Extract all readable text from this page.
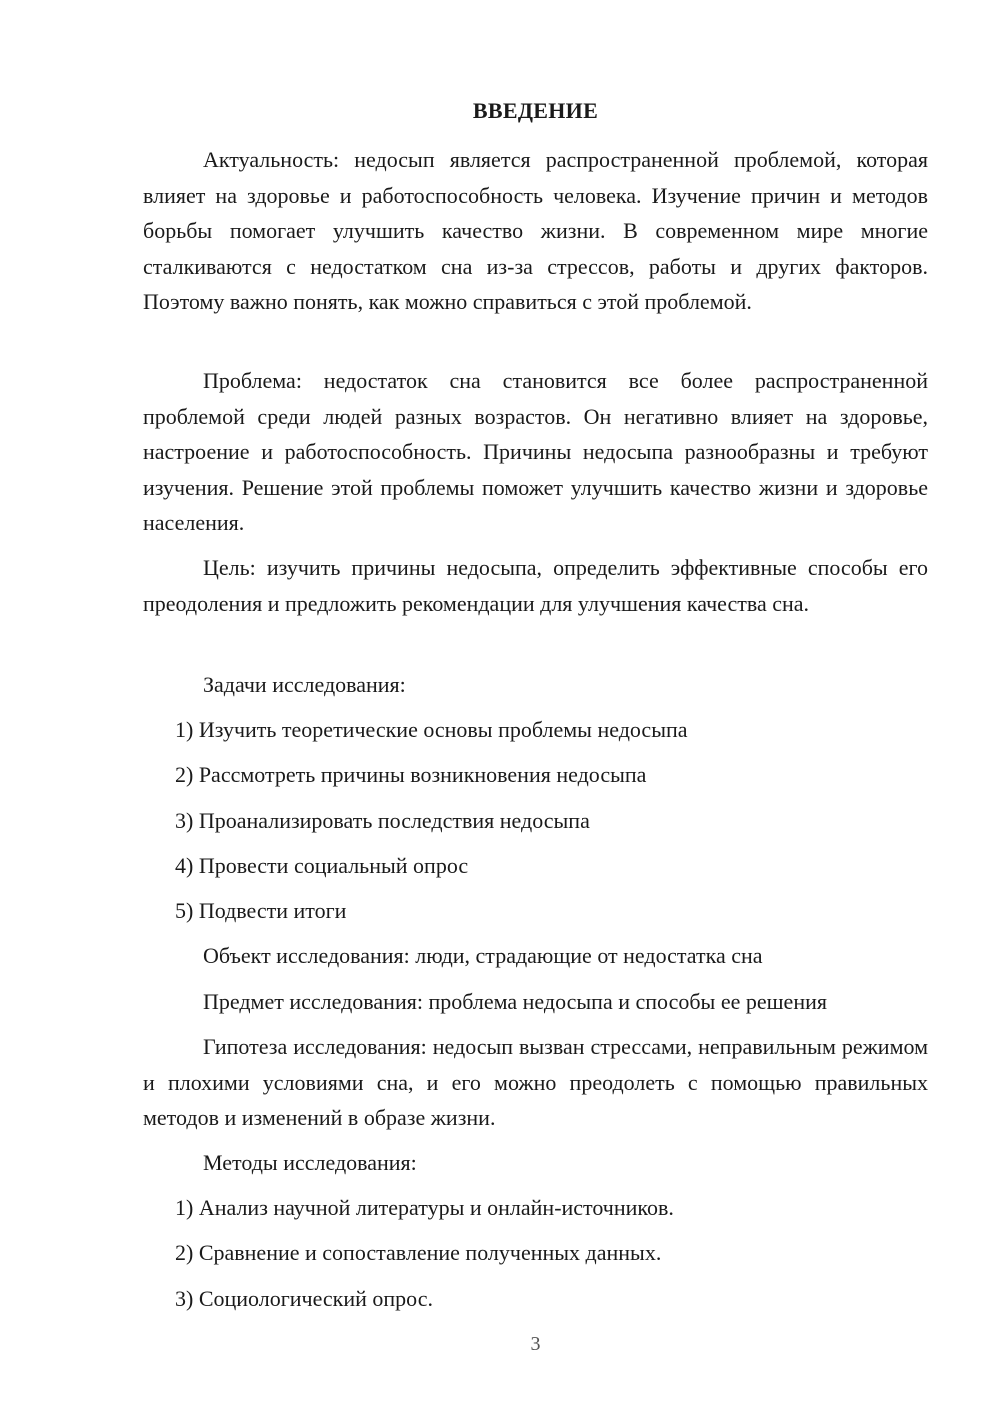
ВВЕДЕНИЕ
Актуальность: недосып является распространенной проблемой, которая влияет на здоровье и работоспособность человека. Изучение причин и методов борьбы помогает улучшить качество жизни. В современном мире многие сталкиваются с недостатком сна из-за стрессов, работы и других факторов. Поэтому важно понять, как можно справиться с этой проблемой.
Проблема: недостаток сна становится все более распространенной проблемой среди людей разных возрастов. Он негативно влияет на здоровье, настроение и работоспособность. Причины недосыпа разнообразны и требуют изучения. Решение этой проблемы поможет улучшить качество жизни и здоровье населения.
Цель: изучить причины недосыпа, определить эффективные способы его преодоления и предложить рекомендации для улучшения качества сна.
Задачи исследования:
1) Изучить теоретические основы проблемы недосыпа
2) Рассмотреть причины возникновения недосыпа
3) Проанализировать последствия недосыпа
4) Провести социальный опрос
5) Подвести итоги
Объект исследования: люди, страдающие от недостатка сна
Предмет исследования: проблема недосыпа и способы ее решения
Гипотеза исследования: недосып вызван стрессами, неправильным режимом и плохими условиями сна, и его можно преодолеть с помощью правильных методов и изменений в образе жизни.
Методы исследования:
1) Анализ научной литературы и онлайн-источников.
2) Сравнение и сопоставление полученных данных.
3) Социологический опрос.
3
